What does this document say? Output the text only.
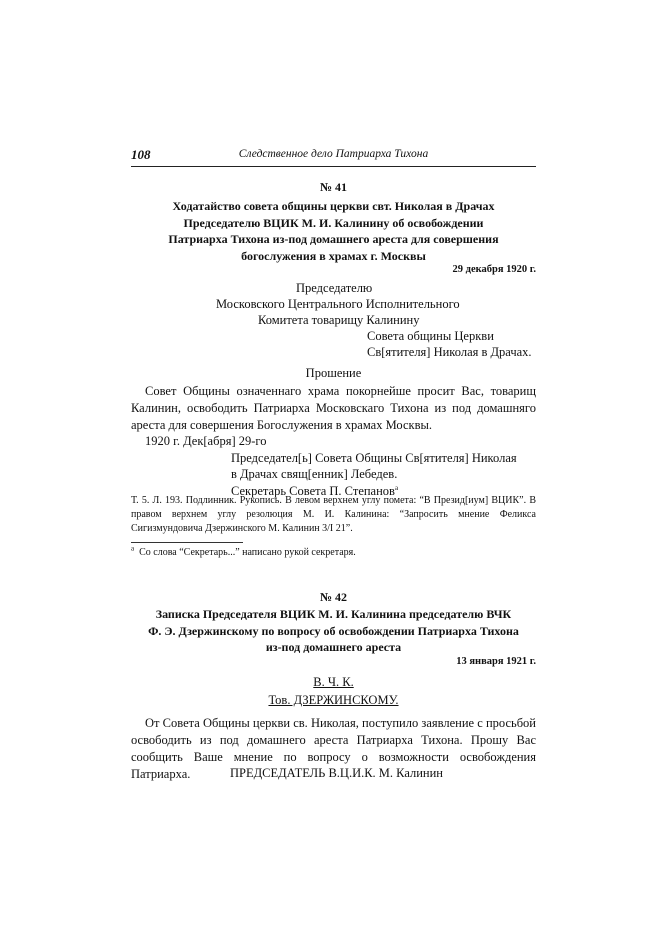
108	Следственное дело Патриарха Тихона
№ 41
Ходатайство совета общины церкви свт. Николая в Драчах
Председателю ВЦИК М. И. Калинину об освобождении
Патриарха Тихона из-под домашнего ареста для совершения
богослужения в храмах г. Москвы
29 декабря 1920 г.
Председателю
Московского Центрального Исполнительного
Комитета товарищу Калинину
Совета общины Церкви
Св[ятителя] Николая в Драчах.
Прошение
Совет Общины означеннаго храма покорнейше просит Вас, товарищ Калинин, освободить Патриарха Московскаго Тихона из под домашняго ареста для совершения Богослужения в храмах Москвы.
1920 г. Дек[абря] 29-го
Председател[ь] Совета Общины Св[ятителя] Николая
в Драчах свящ[енник] Лебедев.
Секретарь Совета П. Степанов$^а$
Т. 5. Л. 193. Подлинник. Рукопись. В левом верхнем углу помета: “В Презид[иум] ВЦИК”. В правом верхнем углу резолюция М. И. Калинина: “Запросить мнение Феликса Сигизмундовича Дзержинского М. Калинин 3/I 21”.
$^а$ Со слова “Секретарь...” написано рукой секретаря.
№ 42
Записка Председателя ВЦИК М. И. Калинина председателю ВЧК
Ф. Э. Дзержинскому по вопросу об освобождении Патриарха Тихона
из-под домашнего ареста
13 января 1921 г.
В. Ч. К.
Тов. ДЗЕРЖИНСКОМУ.
От Совета Общины церкви св. Николая, поступило заявление с просьбой освободить из под домашнего ареста Патриарха Тихона. Прошу Вас сообщить Ваше мнение по вопросу о возможности освобождения Патриарха.	ПРЕДСЕДАТЕЛЬ В.Ц.И.К. М. Калинин
